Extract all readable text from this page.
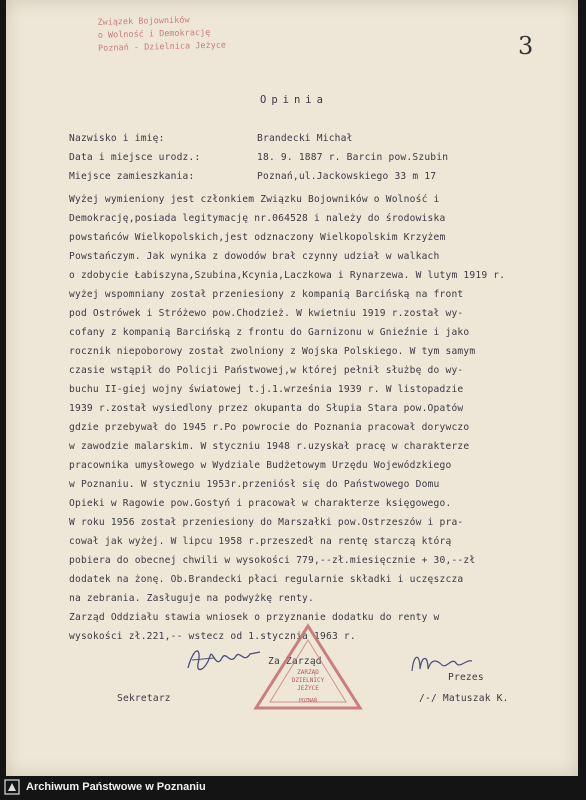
Związek Bojowników
o Wolność i Demokrację
Poznań - Dzielnica Jeżyce	3
Opinia
Nazwisko i imię:	Brandecki Michał
Data i miejsce urodz.:	18. 9. 1887 r. Barcin pow.Szubin
Miejsce zamieszkania:	Poznań,ul.Jackowskiego 33 m 17
Wyżej wymieniony jest członkiem Związku Bojowników o Wolność i
Demokrację,posiada legitymację nr.064528 i należy do środowiska
powstańców Wielkopolskich,jest odznaczony Wielkopolskim Krzyżem
Powstańczym. Jak wynika z dowodów brał czynny udział w walkach
o zdobycie Łabiszyna,Szubina,Kcynia,Laczkowa i Rynarzewa. W lutym 1919 r.
wyżej wspomniany został przeniesiony z kompanią Barcińską na front
pod Ostrówek i Stróżewo pow.Chodzież. W kwietniu 1919 r.został wy-
cofany z kompanią Barcińską z frontu do Garnizonu w Gnieźnie i jako
rocznik niepoborowy został zwolniony z Wojska Polskiego. W tym samym
czasie wstąpił do Policji Państwowej,w której pełnił służbę do wy-
buchu II-giej wojny światowej t.j.1.września 1939 r. W listopadzie
1939 r.został wysiedlony przez okupanta do Słupia Stara pow.Opatów
gdzie przebywał do 1945 r.Po powrocie do Poznania pracował dorywczo
w zawodzie malarskim. W styczniu 1948 r.uzyskał pracę w charakterze
pracownika umysłowego w Wydziale Budżetowym Urzędu Wojewódzkiego
w Poznaniu. W styczniu 1953r.przeniósł się do Państwowego Domu
Opieki w Ragowie pow.Gostyń i pracował w charakterze księgowego.
W roku 1956 został przeniesiony do Marszałki pow.Ostrzeszów i pra-
cował jak wyżej. W lipcu 1958 r.przeszedł na rentę starczą którą
pobiera do obecnej chwili w wysokości 779,--zł.miesięcznie + 30,--zł
dodatek na żonę. Ob.Brandecki płaci regularnie składki i uczęszcza
na zebrania. Zasługuje na podwyżkę renty.
Zarząd Oddziału stawia wniosek o przyznanie dodatku do renty w
wysokości zł.221,-- wstecz od 1.stycznia 1963 r.
Za Zarząd
Sekretarz
ZARZĄD
DZIELNICY
JEŻYCE
POZNAŃ
Prezes
/-/ Matuszak K.
Archiwum Państwowe w Poznaniu
